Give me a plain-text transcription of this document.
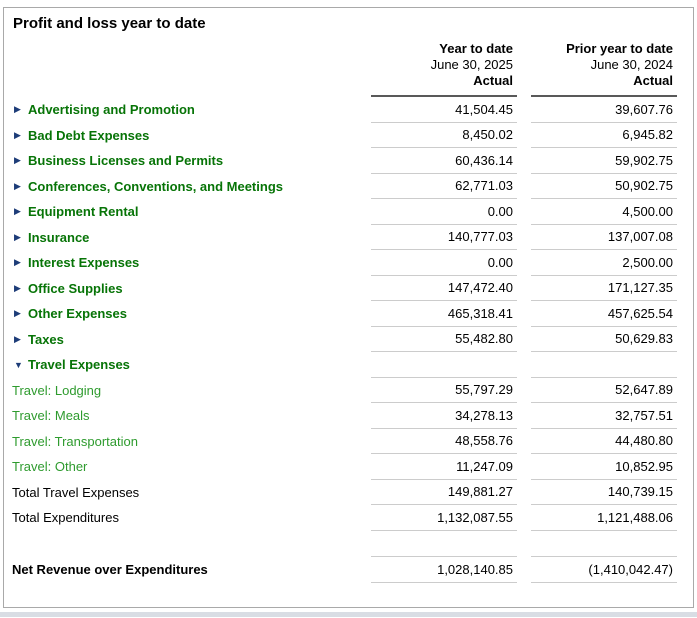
Profit and loss year to date
Year to date
June 30, 2025
Actual
Prior year to date
June 30, 2024
Actual
▶ Advertising and Promotion	41,504.45	39,607.76
▶ Bad Debt Expenses	8,450.02	6,945.82
▶ Business Licenses and Permits	60,436.14	59,902.75
▶ Conferences, Conventions, and Meetings	62,771.03	50,902.75
▶ Equipment Rental	0.00	4,500.00
▶ Insurance	140,777.03	137,007.08
▶ Interest Expenses	0.00	2,500.00
▶ Office Supplies	147,472.40	171,127.35
▶ Other Expenses	465,318.41	457,625.54
▶ Taxes	55,482.80	50,629.83
▼ Travel Expenses
Travel: Lodging	55,797.29	52,647.89
Travel: Meals	34,278.13	32,757.51
Travel: Transportation	48,558.76	44,480.80
Travel: Other	11,247.09	10,852.95
Total Travel Expenses	149,881.27	140,739.15
Total Expenditures	1,132,087.55	1,121,488.06
Net Revenue over Expenditures	1,028,140.85	(1,410,042.47)
